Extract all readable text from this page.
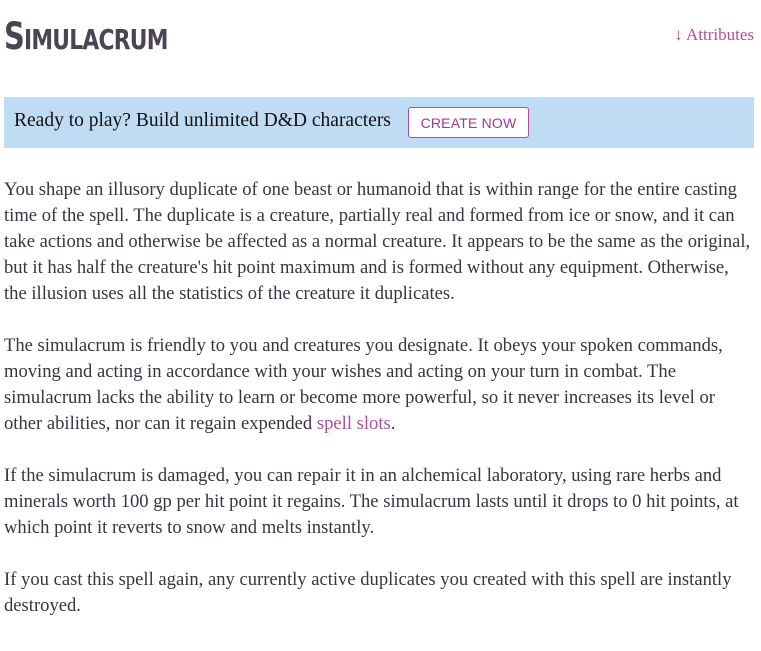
SIMULACRUM	↓ Attributes
Ready to play? Build unlimited D&D characters	CREATE NOW

You shape an illusory duplicate of one beast or humanoid that is within range for the entire casting time of the spell. The duplicate is a creature, partially real and formed from ice or snow, and it can take actions and otherwise be affected as a normal creature. It appears to be the same as the original, but it has half the creature's hit point maximum and is formed without any equipment. Otherwise, the illusion uses all the statistics of the creature it duplicates.

The simulacrum is friendly to you and creatures you designate. It obeys your spoken commands, moving and acting in accordance with your wishes and acting on your turn in combat. The simulacrum lacks the ability to learn or become more powerful, so it never increases its level or other abilities, nor can it regain expended spell slots.

If the simulacrum is damaged, you can repair it in an alchemical laboratory, using rare herbs and minerals worth 100 gp per hit point it regains. The simulacrum lasts until it drops to 0 hit points, at which point it reverts to snow and melts instantly.

If you cast this spell again, any currently active duplicates you created with this spell are instantly destroyed.
